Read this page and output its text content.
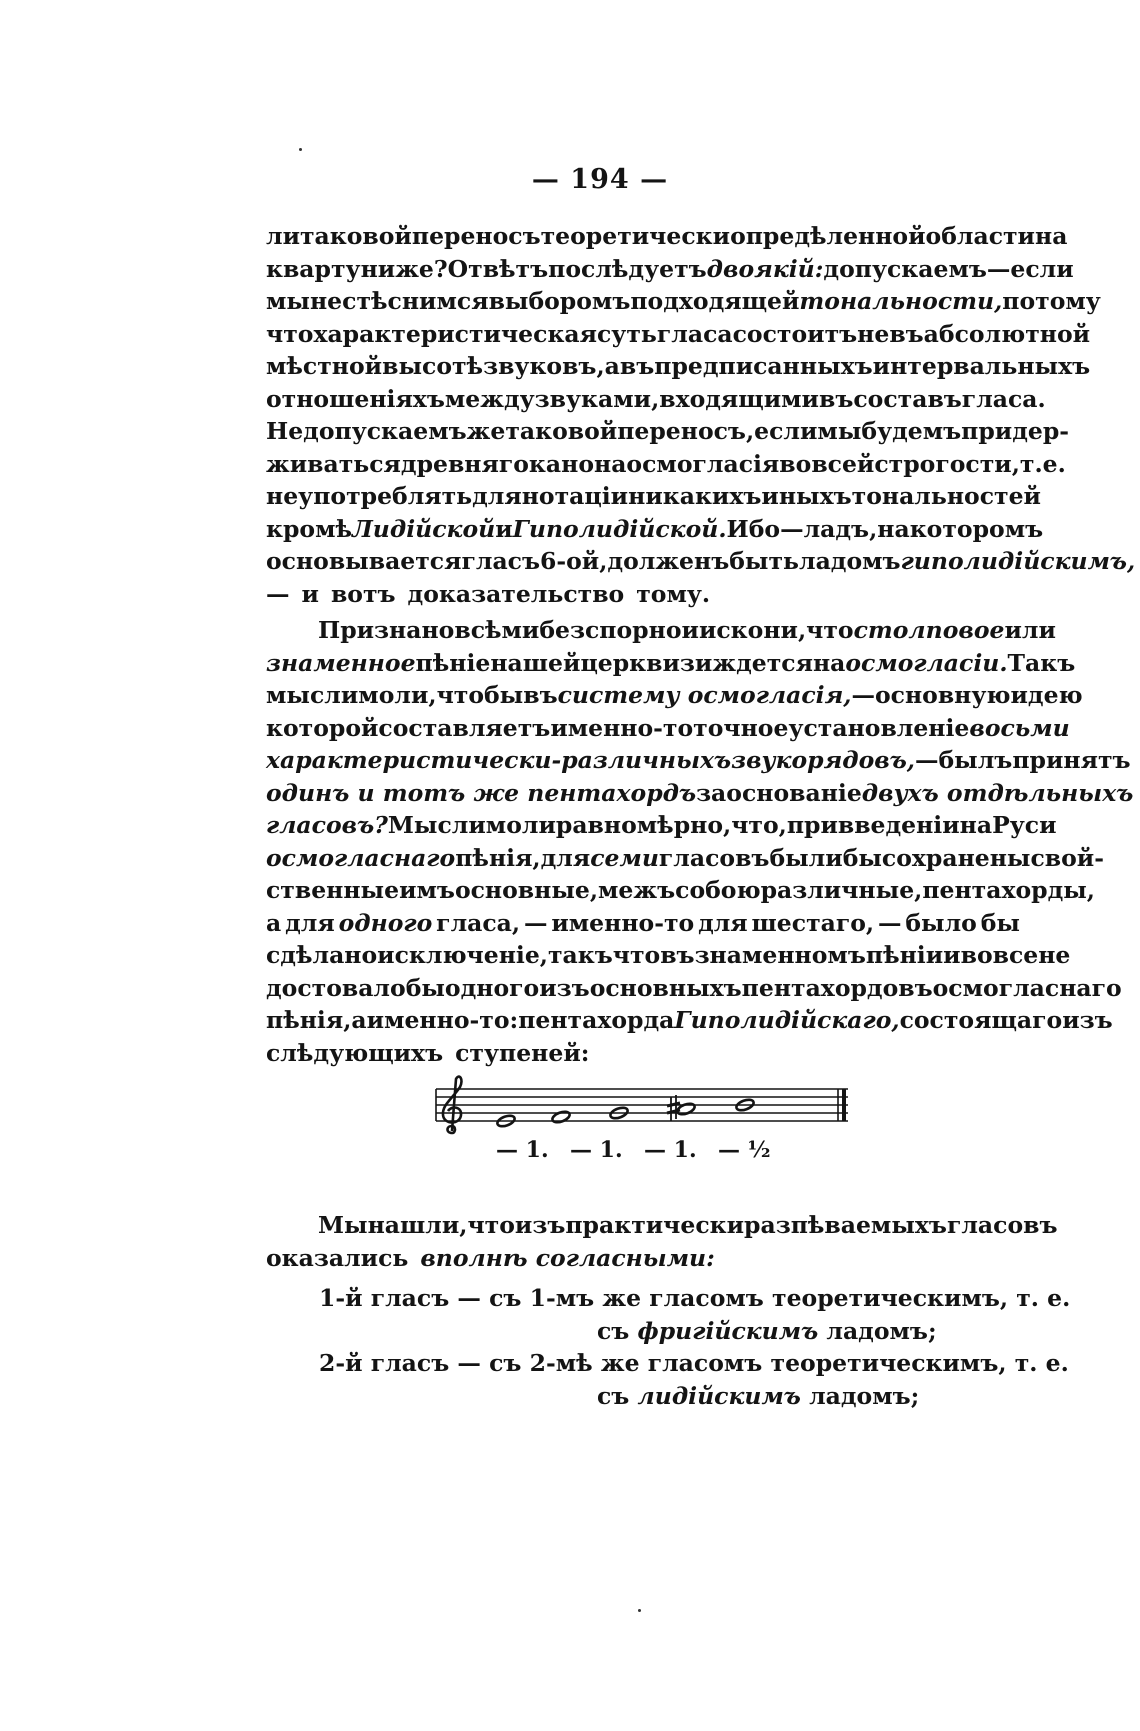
— 194 —
ли таковой переносъ теоретически опредѣленной области на
кварту ниже? Отвѣтъ послѣдуетъ двоякій: допускаемъ — если
мы не стѣснимся выборомъ подходящей тональности, потому
что характеристическая суть гласа состоитъ не въ абсолютной
мѣстной высотѣ звуковъ, а въ предписанныхъ интервальныхъ
отношеніяхъ между звуками, входящими въ составъ гласа.
Недопускаемъ же таковой переносъ, если мы будемъ придер-
живаться древняго канона осмогласія во всей строгости, т. е.
не употреблять для нотаціи никакихъ иныхъ тональностей
кромѣ Лидійской и Гиполидійской. Ибо — ладъ, на которомъ
основывается гласъ 6-ой, долженъ быть ладомъ гиполидійскимъ,
— и вотъ доказательство тому.
Признано всѣми безспорно и искони, что столповое или
знаменное пѣніе нашей церкви зиждется на осмогласіи. Такъ
мыслимо ли, чтобы въ систему осмогласія, — основную идею
которой составляетъ именно-то точное установленіе восьми
характеристически-различныхъ звукорядовъ, — былъ принятъ
одинъ и тотъ же пентахордъ за основаніе двухъ отдѣльныхъ
гласовъ? Мыслимо ли равномѣрно, что, при введеніи на Руси
осмогласнаго пѣнія, для семи гласовъ были бы сохранены свой-
ственные имъ основные, межъ собою различные, пентахорды,
а для одного гласа, — именно-то для шестаго, — было бы
сдѣлано исключеніе, такъ что въ знаменномъ пѣніи и вовсе не
достовало бы одного изъ основныхъ пентахордовъ осмогласнаго
пѣнія, а именно-то: пентахорда Гиполидійскаго, состоящаго изъ
слѣдующихъ ступеней:
— 1. — 1. — 1. — ½
Мы нашли, что изъ практически разпѣваемыхъ гласовъ
оказались вполнѣ согласными:
1-й гласъ — съ 1-мъ же гласомъ теоретическимъ, т. е.
съ фригійскимъ ладомъ;
2-й гласъ — съ 2-мѣ же гласомъ теоретическимъ, т. е.
съ лидійскимъ ладомъ;
